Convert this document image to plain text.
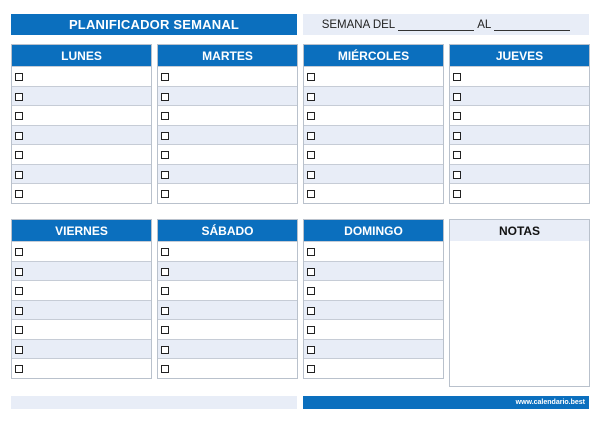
PLANIFICADOR SEMANAL	SEMANA DEL	AL
LUNES	MARTES	MIÉRCOLES	JUEVES
VIERNES	SÁBADO	DOMINGO	NOTAS
www.calendario.best
